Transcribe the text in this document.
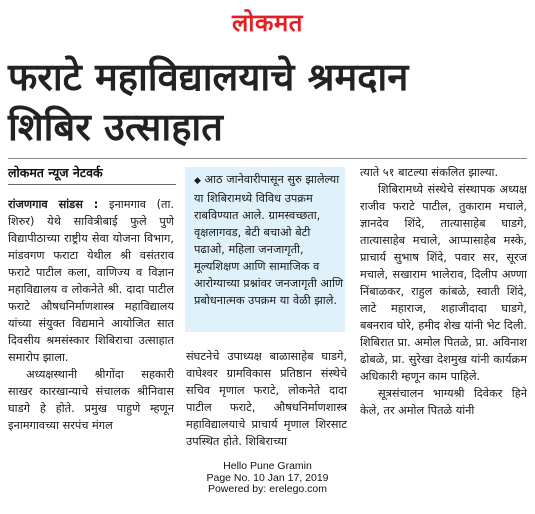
लोकमत
फराटे महाविद्यालयाचे श्रमदान
शिबिर उत्साहात
लोकमत न्यूज नेटवर्क

रांजणगाव सांडस : इनामगाव (ता. शिरुर) येथे सावित्रीबाई फुले पुणे विद्यापीठाच्या राष्ट्रीय सेवा योजना विभाग, मांडवगण फराटा येथील श्री वसंतराव फराटे पाटील कला, वाणिज्य व विज्ञान महाविद्यालय व लोकनेते श्री. दादा पाटील फराटे औषधनिर्माणशास्त्र महाविद्यालय यांच्या संयुक्त विद्यमाने आयोजित सात दिवसीय श्रमसंस्कार शिबिराचा उत्साहात समारोप झाला.

अध्यक्षस्थानी श्रीगोंदा सहकारी साखर कारखान्याचे संचालक श्रीनिवास घाडगे हे होते. प्रमुख पाहुणे म्हणून इनामगावच्या सरपंच मंगल

◆ आठ जानेवारीपासून सुरु झालेल्या या शिबिरामध्ये विविध उपक्रम राबविण्यात आले. ग्रामस्वच्छता, वृक्षलागवड, बेटी बचाओ बेटी पढाओ, महिला जनजागृती, मूल्यशिक्षण आणि सामाजिक व आरोग्याच्या प्रश्नांवर जनजागृती आणि प्रबोधनात्मक उपक्रम या वेळी झाले.

संघटनेचे उपाध्यक्ष बाळासाहेब घाडगे, वाघेश्वर ग्रामविकास प्रतिष्ठान संस्थेचे सचिव मृणाल फराटे, लोकनेते दादा पाटील फराटे, औषधनिर्माणशास्त्र महाविद्यालयाचे प्राचार्य मृणाल शिरसाट उपस्थित होते. शिबिराच्या

त्याते ५१ बाटल्या संकलित झाल्या.

शिबिरामध्ये संस्थेचे संस्थापक अध्यक्ष राजीव फराटे पाटील, तुकाराम मचाले, ज्ञानदेव शिंदे, तात्यासाहेब घाडगे, तात्यासाहेब मचाले, आप्पासाहेब मस्के, प्राचार्य सुभाष शिंदे, पवार सर, सूरज मचाले, सखाराम भालेराव, दिलीप अण्णा निंबाळकर, राहुल कांबळे, स्वाती शिंदे, लाटे महाराज, शहाजीदादा घाडगे, बबनराव घोरे, हमीद शेख यांनी भेट दिली. शिबिरात प्रा. अमोल पितळे, प्रा. अविनाश ढोबळे, प्रा. सुरेखा देशमुख यांनी कार्यक्रम अधिकारी म्हणून काम पाहिले.

सूत्रसंचालन भाग्यश्री दिवेकर हिने केले, तर अमोल पितळे यांनी

Hello Pune Gramin
Page No. 10 Jan 17, 2019
Powered by: erelego.com
